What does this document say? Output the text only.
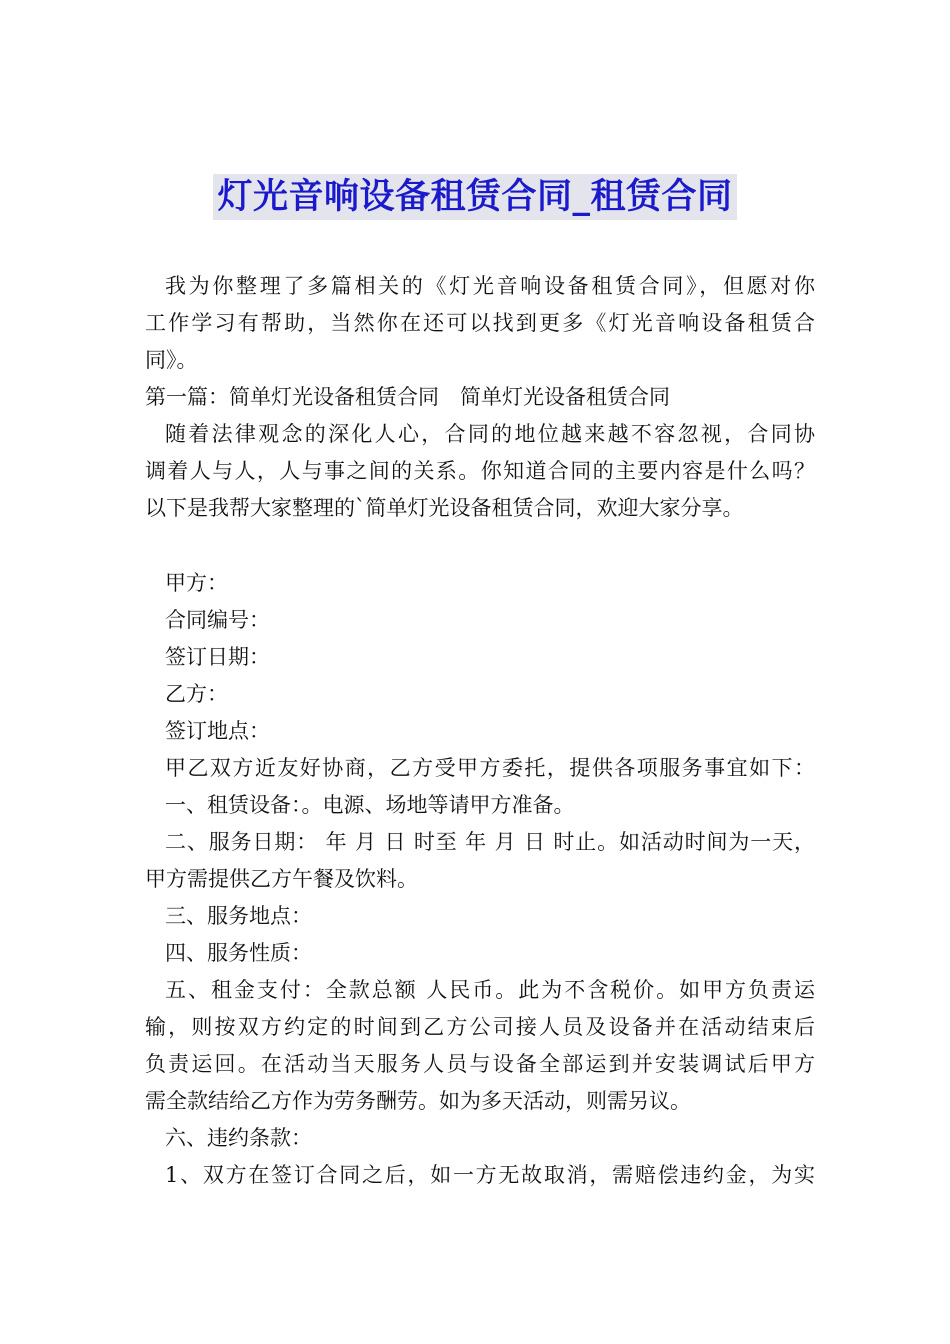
灯光音响设备租赁合同_租赁合同
我为你整理了多篇相关的《灯光音响设备租赁合同》，但愿对你
工作学习有帮助，当然你在还可以找到更多《灯光音响设备租赁合
同》。
第一篇：简单灯光设备租赁合同　简单灯光设备租赁合同
随着法律观念的深化人心，合同的地位越来越不容忽视，合同协
调着人与人，人与事之间的关系。你知道合同的主要内容是什么吗？
以下是我帮大家整理的`简单灯光设备租赁合同，欢迎大家分享。
甲方：
合同编号：
签订日期：
乙方：
签订地点：
甲乙双方近友好协商，乙方受甲方委托，提供各项服务事宜如下：
一、租赁设备：。电源、场地等请甲方准备。
二、服务日期： 年 月 日 时至 年 月 日 时止。如活动时间为一天，
甲方需提供乙方午餐及饮料。
三、服务地点：
四、服务性质：
五、租金支付：全款总额 人民币。此为不含税价。如甲方负责运
输，则按双方约定的时间到乙方公司接人员及设备并在活动结束后
负责运回。在活动当天服务人员与设备全部运到并安装调试后甲方
需全款结给乙方作为劳务酬劳。如为多天活动，则需另议。
六、违约条款：
1、双方在签订合同之后，如一方无故取消，需赔偿违约金，为实
